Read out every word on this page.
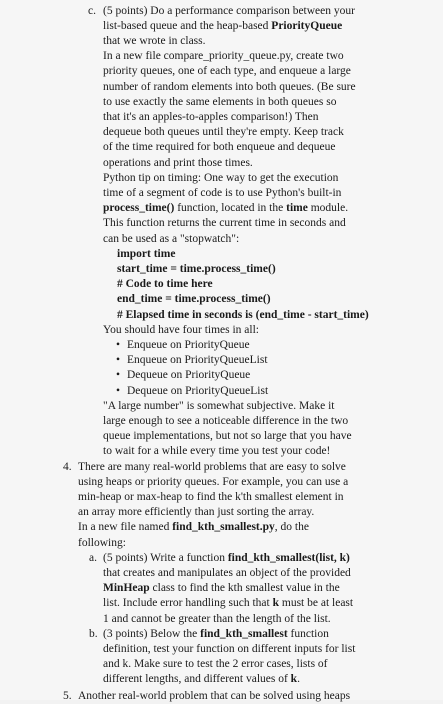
c. (5 points) Do a performance comparison between your
list-based queue and the heap-based PriorityQueue
that we wrote in class.
In a new file compare_priority_queue.py, create two
priority queues, one of each type, and enqueue a large
number of random elements into both queues. (Be sure
to use exactly the same elements in both queues so
that it's an apples-to-apples comparison!) Then
dequeue both queues until they're empty. Keep track
of the time required for both enqueue and dequeue
operations and print those times.
Python tip on timing: One way to get the execution
time of a segment of code is to use Python's built-in
process_time() function, located in the time module.
This function returns the current time in seconds and
can be used as a "stopwatch":
import time
start_time = time.process_time()
# Code to time here
end_time = time.process_time()
# Elapsed time in seconds is (end_time - start_time)
You should have four times in all:
• Enqueue on PriorityQueue
• Enqueue on PriorityQueueList
• Dequeue on PriorityQueue
• Dequeue on PriorityQueueList
"A large number" is somewhat subjective. Make it
large enough to see a noticeable difference in the two
queue implementations, but not so large that you have
to wait for a while every time you test your code!
4. There are many real-world problems that are easy to solve
using heaps or priority queues. For example, you can use a
min-heap or max-heap to find the k'th smallest element in
an array more efficiently than just sorting the array.
In a new file named find_kth_smallest.py, do the
following:
a. (5 points) Write a function find_kth_smallest(list, k)
that creates and manipulates an object of the provided
MinHeap class to find the kth smallest value in the
list. Include error handling such that k must be at least
1 and cannot be greater than the length of the list.
b. (3 points) Below the find_kth_smallest function
definition, test your function on different inputs for list
and k. Make sure to test the 2 error cases, lists of
different lengths, and different values of k.
5. Another real-world problem that can be solved using heaps
